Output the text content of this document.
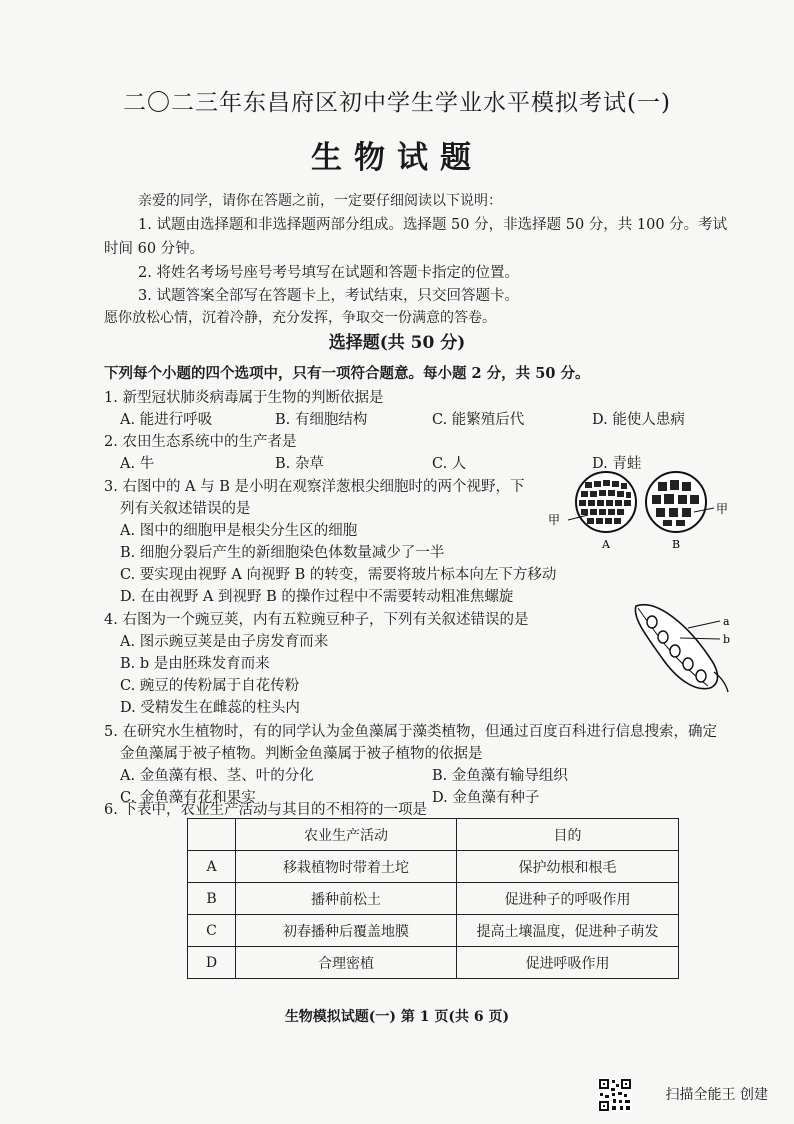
二〇二三年东昌府区初中学生学业水平模拟考试(一)
生物试题
亲爱的同学，请你在答题之前，一定要仔细阅读以下说明：
1. 试题由选择题和非选择题两部分组成。选择题 50 分，非选择题 50 分，共 100 分。考试
时间 60 分钟。
2. 将姓名考场号座号考号填写在试题和答题卡指定的位置。
3. 试题答案全部写在答题卡上，考试结束，只交回答题卡。
愿你放松心情，沉着冷静，充分发挥，争取交一份满意的答卷。
选择题(共 50 分)
下列每个小题的四个选项中，只有一项符合题意。每小题 2 分，共 50 分。
1. 新型冠状肺炎病毒属于生物的判断依据是
A. 能进行呼吸	B. 有细胞结构	C. 能繁殖后代	D. 能使人患病
2. 农田生态系统中的生产者是
A. 牛	B. 杂草	C. 人	D. 青蛙
3. 右图中的 A 与 B 是小明在观察洋葱根尖细胞时的两个视野，下
列有关叙述错误的是
A. 图中的细胞甲是根尖分生区的细胞
B. 细胞分裂后产生的新细胞染色体数量减少了一半
C. 要实现由视野 A 向视野 B 的转变，需要将玻片标本向左下方移动
D. 在由视野 A 到视野 B 的操作过程中不需要转动粗准焦螺旋
甲
甲
A	B
4. 右图为一个豌豆荚，内有五粒豌豆种子，下列有关叙述错误的是
A. 图示豌豆荚是由子房发育而来
B. b 是由胚珠发育而来
C. 豌豆的传粉属于自花传粉
D. 受精发生在雌蕊的柱头内
a
b
5. 在研究水生植物时，有的同学认为金鱼藻属于藻类植物，但通过百度百科进行信息搜索，确定
金鱼藻属于被子植物。判断金鱼藻属于被子植物的依据是
A. 金鱼藻有根、茎、叶的分化	B. 金鱼藻有输导组织
C. 金鱼藻有花和果实	D. 金鱼藻有种子
6. 下表中，农业生产活动与其目的不相符的一项是
	农业生产活动	目的
A	移栽植物时带着土坨	保护幼根和根毛
B	播种前松土	促进种子的呼吸作用
C	初春播种后覆盖地膜	提高土壤温度，促进种子萌发
D	合理密植	促进呼吸作用
生物模拟试题(一) 第 1 页(共 6 页)
扫描全能王 创建
